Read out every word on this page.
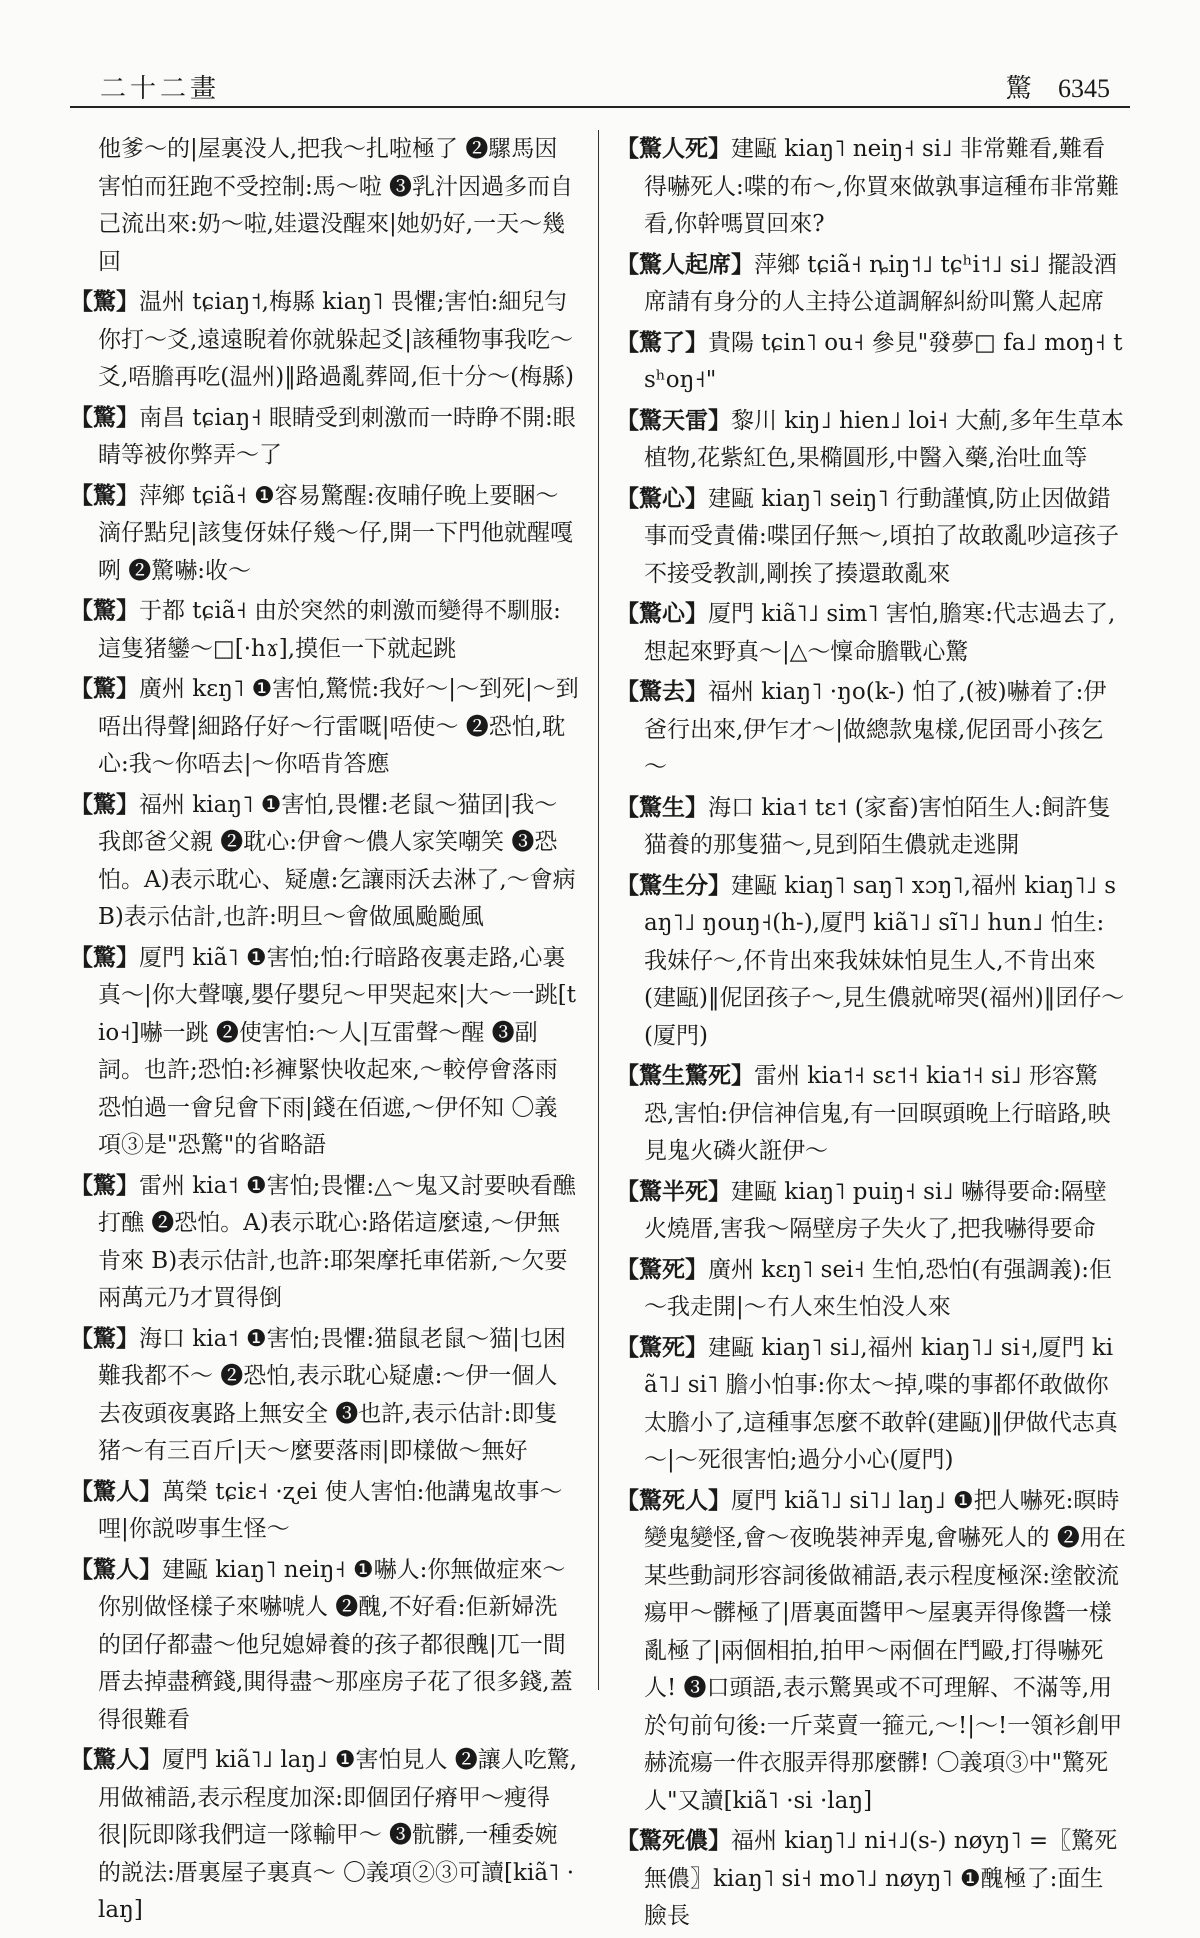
二十二畫	驚 6345

他爹～的|屋裏没人,把我～扎啦極了 ❷騾馬因害怕而狂跑不受控制:馬～啦 ❸乳汁因過多而自己流出來:奶～啦,娃還没醒來|她奶好,一天～幾回

【驚】温州 tɕiaŋ˦,梅縣 kiaŋ˥ 畏懼;害怕:細兒勻你打～爻,遠遠睨着你就躲起爻|該種物事我吃～爻,唔膽再吃(温州)‖路過亂葬岡,佢十分～(梅縣)

【驚】南昌 tɕiaŋ˧ 眼睛受到刺激而一時睁不開:眼睛等被你弊弄～了

【驚】萍鄉 tɕiã˧ ❶容易驚醒:夜晡仔晚上要睏～滴仔點兒|該隻伢妹仔幾～仔,開一下門他就醒嘎咧 ❷驚嚇:收～

【驚】于都 tɕiã˧ 由於突然的刺激而變得不馴服:這隻猪鑾～□[·hɤ],摸佢一下就起跳

【驚】廣州 kɛŋ˥ ❶害怕,驚慌:我好～|～到死|～到唔出得聲|細路仔好～行雷嘅|唔使～ ❷恐怕,耽心:我～你唔去|～你唔肯答應

【驚】福州 kiaŋ˥ ❶害怕,畏懼:老鼠～猫囝|我～我郎爸父親 ❷耽心:伊會～儂人家笑嘲笑 ❸恐怕。A)表示耽心、疑慮:乞讓雨沃去淋了,～會病 B)表示估計,也許:明旦～會做風颱颱風

【驚】厦門 kiã˥ ❶害怕;怕:行暗路夜裏走路,心裏真～|你大聲嚷,嬰仔嬰兒～甲哭起來|大～一跳[tio˧]嚇一跳 ❷使害怕:～人|互雷聲～醒 ❸副詞。也許;恐怕:衫褲緊快收起來,～較停會落雨恐怕過一會兒會下雨|錢在佰遮,～伊伓知 〇義項③是"恐驚"的省略語

【驚】雷州 kia˦ ❶害怕;畏懼:△～鬼又討要映看醮打醮 ❷恐怕。A)表示耽心:路偌這麼遠,～伊無肯來 B)表示估計,也許:耶架摩托車偌新,～欠要兩萬元乃才買得倒

【驚】海口 kia˦ ❶害怕;畏懼:猫鼠老鼠～猫|乜困難我都不～ ❷恐怕,表示耽心疑慮:～伊一個人去夜頭夜裏路上無安全 ❸也許,表示估計:即隻猪～有三百斤|天～麼要落雨|即樣做～無好

【驚人】萬榮 tɕiɛ˧ ·ʐei 使人害怕:他講鬼故事～哩|你説哕事生怪～

【驚人】建甌 kiaŋ˥ neiŋ˧ ❶嚇人:你無做症來～你别做怪樣子來嚇唬人 ❷醜,不好看:佢新婦洗的囝仔都盡～他兒媳婦養的孩子都很醜|兀一間厝去掉盡穧錢,閧得盡～那座房子花了很多錢,蓋得很難看

【驚人】厦門 kiã˥˩ laŋ˩ ❶害怕見人 ❷讓人吃驚,用做補語,表示程度加深:即個囝仔瘠甲～瘦得很|阮即隊我們這一隊輸甲～ ❸骯髒,一種委婉的説法:厝裏屋子裏真～ 〇義項②③可讀[kiã˥ ·laŋ]

【驚人死】建甌 kiaŋ˥ neiŋ˧ si˩ 非常難看,難看得嚇死人:喋的布～,你買來做孰事這種布非常難看,你幹嗎買回來?

【驚人起席】萍鄉 tɕiã˧ ȵiŋ˦˩ tɕʰi˦˩ si˩ 擺設酒席請有身分的人主持公道調解糾紛叫驚人起席

【驚了】貴陽 tɕin˥ ou˧ 參見"發夢□ fa˩ moŋ˧ tsʰoŋ˧"

【驚天雷】黎川 kiŋ˩ hien˩ loi˧ 大薊,多年生草本植物,花紫紅色,果橢圓形,中醫入藥,治吐血等

【驚心】建甌 kiaŋ˥ seiŋ˥ 行動謹慎,防止因做錯事而受責備:喋囝仔無～,頃拍了故敢亂吵這孩子不接受教訓,剛挨了揍還敢亂來

【驚心】厦門 kiã˥˩ sim˥ 害怕,膽寒:代志過去了,想起來野真～|△～懍命膽戰心驚

【驚去】福州 kiaŋ˥ ·ŋo(k-) 怕了,(被)嚇着了:伊爸行出來,伊乍才～|做總款鬼樣,伲囝哥小孩乞～

【驚生】海口 kia˦ tɛ˦ (家畜)害怕陌生人:飼許隻猫養的那隻猫～,見到陌生儂就走逃開

【驚生分】建甌 kiaŋ˥ saŋ˥ xɔŋ˥,福州 kiaŋ˥˩ saŋ˥˩ ŋouŋ˧(h-),厦門 kiã˥˩ sĩ˥˩ hun˩ 怕生:我妹仔～,伓肯出來我妹妹怕見生人,不肯出來(建甌)‖伲囝孩子～,見生儂就啼哭(福州)‖囝仔～(厦門)

【驚生驚死】雷州 kia˦˧ sɛ˦˧ kia˦˧ si˩ 形容驚恐,害怕:伊信神信鬼,有一回暝頭晚上行暗路,映見鬼火磷火誑伊～

【驚半死】建甌 kiaŋ˥ puiŋ˧ si˩ 嚇得要命:隔壁火燒厝,害我～隔壁房子失火了,把我嚇得要命

【驚死】廣州 kɛŋ˥ sei˧ 生怕,恐怕(有强調義):佢～我走開|～冇人來生怕没人來

【驚死】建甌 kiaŋ˥ si˩,福州 kiaŋ˥˩ si˧,厦門 kiã˥˩ si˥ 膽小怕事:你太～掉,喋的事都伓敢做你太膽小了,這種事怎麼不敢幹(建甌)‖伊做代志真～|～死很害怕;過分小心(厦門)

【驚死人】厦門 kiã˥˩ si˥˩ laŋ˩ ❶把人嚇死:暝時變鬼變怪,會～夜晚裝神弄鬼,會嚇死人的 ❷用在某些動詞形容詞後做補語,表示程度極深:塗骹流瘍甲～髒極了|厝裏面醬甲～屋裏弄得像醬一樣亂極了|兩個相拍,拍甲～兩個在鬥毆,打得嚇死人! ❸口頭語,表示驚異或不可理解、不滿等,用於句前句後:一斤菜賣一箍元,～!|～!一領衫創甲赫流瘍一件衣服弄得那麼髒! 〇義項③中"驚死人"又讀[kiã˥ ·si ·laŋ]

【驚死儂】福州 kiaŋ˥˩ ni˧˩(s-) nøyŋ˥ =〖驚死無儂〗kiaŋ˥ si˧ mo˥˩ nøyŋ˥ ❶醜極了:面生臉長
